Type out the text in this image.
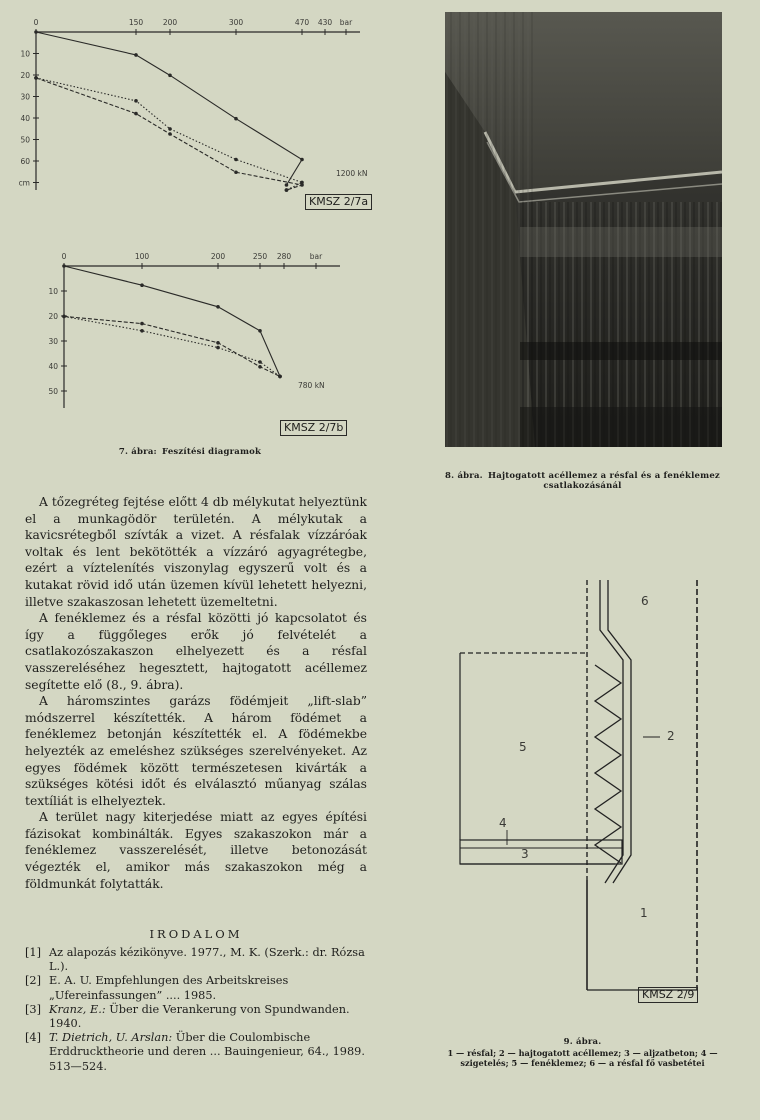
0	150	200	300	470 430 bar
10
20
30
40
50
60
cm
1200 kN
KMSZ 2/7a
0	100	200	250 280 bar
10
20
30
40
50
780 kN
KMSZ 2/7b
7. ábra: Feszítési diagramok
8. ábra. Hajtogatott acéllemez a résfal és a fenéklemez
csatlakozásánál

A tőzegréteg fejtése előtt 4 db mélykutat helyeztünk el a munkagödör területén. A mélykutak a kavicsrétegből szívták a vizet. A résfalak vízzáróak voltak és lent bekötötték a vízzáró agyagrétegbe, ezért a víztelenítés viszonylag egyszerű volt és a kutakat rövid idő után üzemen kívül lehetett helyezni, illetve szakaszosan lehetett üzemeltetni.

A fenéklemez és a résfal közötti jó kapcsolatot és így a függőleges erők jó felvételét a csatlakozószakaszon elhelyezett és a résfal vasszereléséhez hegesztett, hajtogatott acéllemez segítette elő (8., 9. ábra).

A háromszintes garázs födémjeit „lift-slab” módszerrel készítették. A három födémet a fenéklemez betonján készítették el. A födémekbe helyezték az emeléshez szükséges szerelvényeket. Az egyes födémek között természetesen kivárták a szükséges kötési időt és elválasztó műanyag szálas textíliát is elhelyeztek.

A terület nagy kiterjedése miatt az egyes építési fázisokat kombinálták. Egyes szakaszokon már a fenéklemez vasszerelését, illetve betonozását végezték el, amikor más szakaszokon még a földmunkát folytatták.

IRODALOM
[1] Az alapozás kézikönyve. 1977., M. K. (Szerk.: dr. Rózsa L.).
[2] E. A. U. Empfehlungen des Arbeitskreises „Ufereinfassungen” .... 1985.
[3] Kranz, E.: Über die Verankerung von Spundwanden. 1940.
[4] T. Dietrich, U. Arslan: Über die Coulombische Erddrucktheorie und deren ... Bauingenieur, 64., 1989. 513—524.
1
2
3
4
5
6
KMSZ 2/9
9. ábra.
1 — résfal; 2 — hajtogatott acéllemez; 3 — aljzatbeton; 4 —
szigetelés; 5 — fenéklemez; 6 — a résfal fő vasbetétei
